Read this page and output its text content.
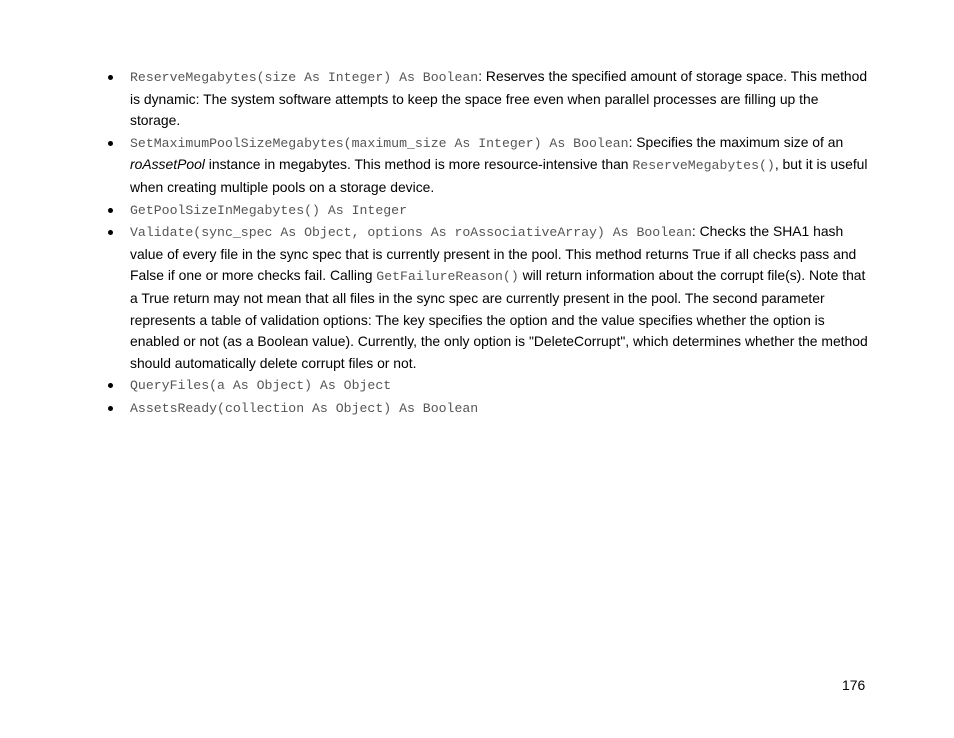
ReserveMegabytes(size As Integer) As Boolean: Reserves the specified amount of storage space. This method is dynamic: The system software attempts to keep the space free even when parallel processes are filling up the storage.
SetMaximumPoolSizeMegabytes(maximum_size As Integer) As Boolean: Specifies the maximum size of an roAssetPool instance in megabytes. This method is more resource-intensive than ReserveMegabytes(), but it is useful when creating multiple pools on a storage device.
GetPoolSizeInMegabytes() As Integer
Validate(sync_spec As Object, options As roAssociativeArray) As Boolean: Checks the SHA1 hash value of every file in the sync spec that is currently present in the pool. This method returns True if all checks pass and False if one or more checks fail. Calling GetFailureReason() will return information about the corrupt file(s). Note that a True return may not mean that all files in the sync spec are currently present in the pool. The second parameter represents a table of validation options: The key specifies the option and the value specifies whether the option is enabled or not (as a Boolean value). Currently, the only option is "DeleteCorrupt", which determines whether the method should automatically delete corrupt files or not.
QueryFiles(a As Object) As Object
AssetsReady(collection As Object) As Boolean
176
